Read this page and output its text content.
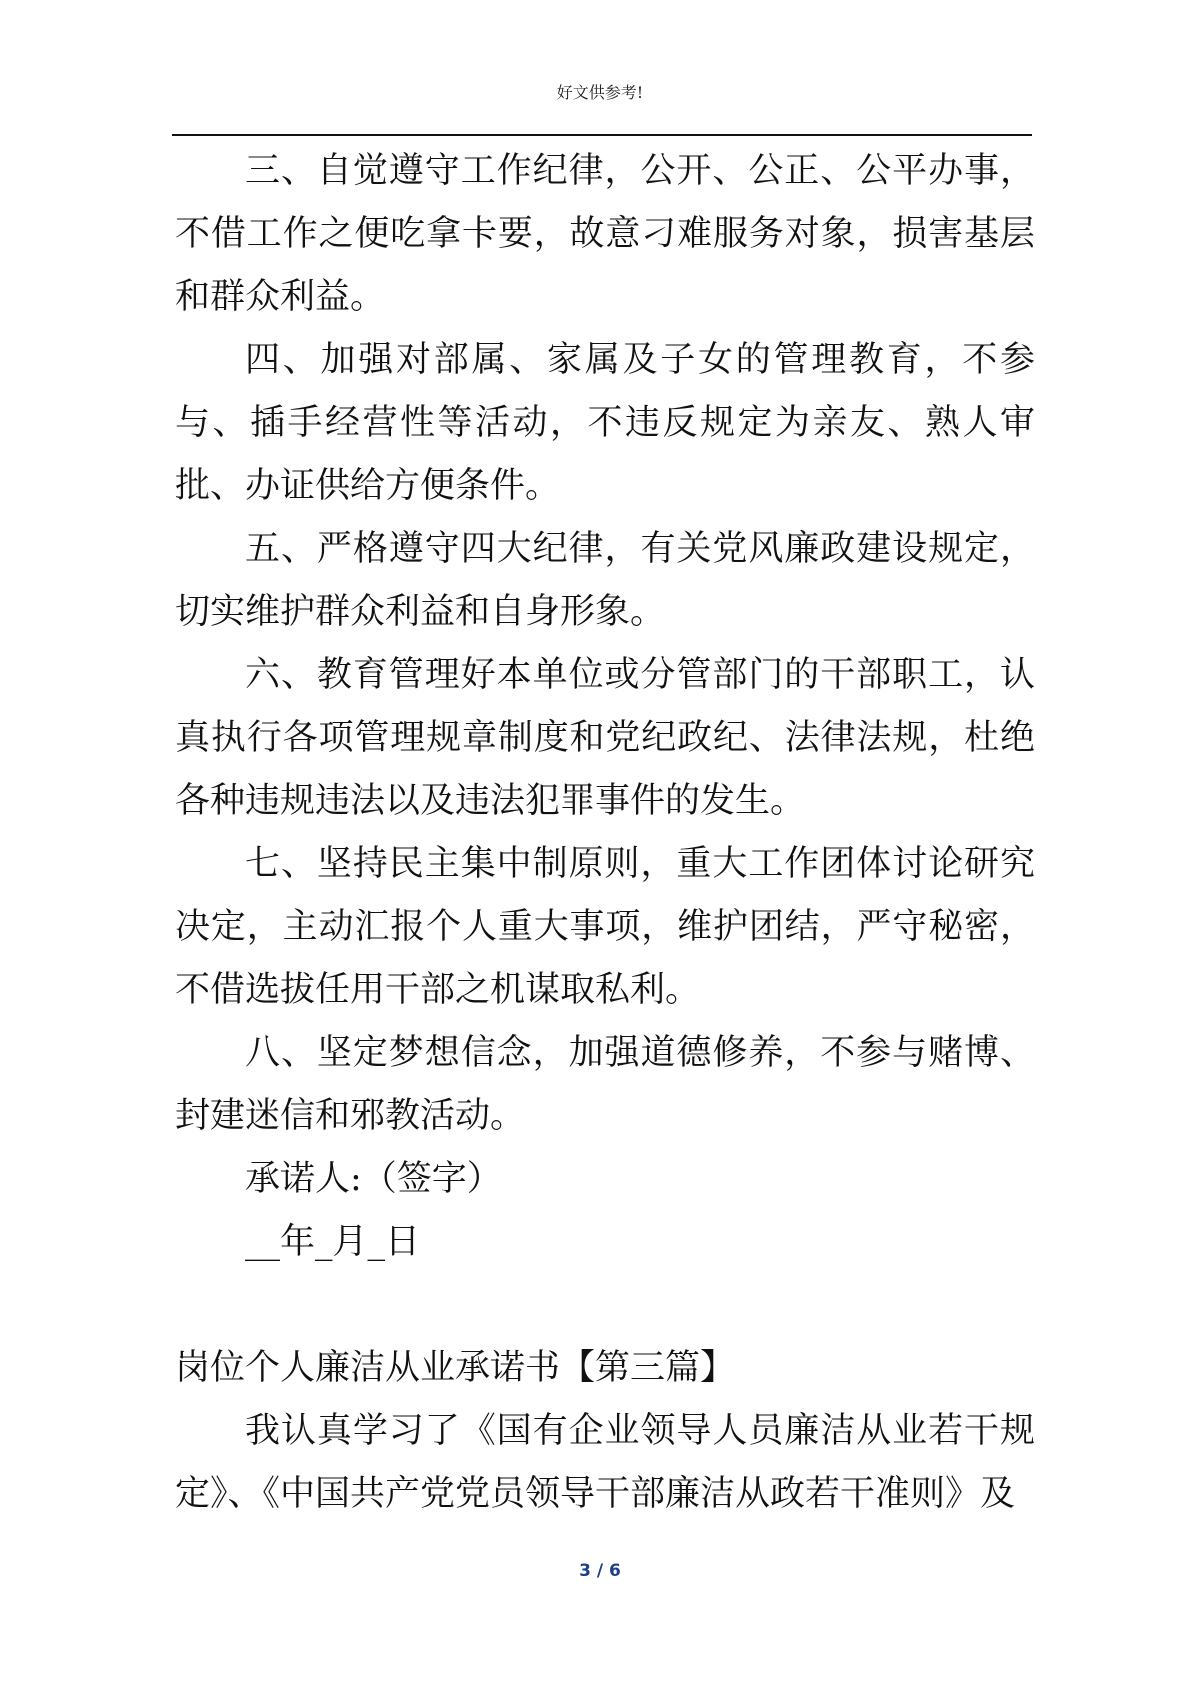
好文供参考!

三、自觉遵守工作纪律，公开、公正、公平办事，不借工作之便吃拿卡要，故意刁难服务对象，损害基层和群众利益。

四、加强对部属、家属及子女的管理教育，不参与、插手经营性等活动，不违反规定为亲友、熟人审批、办证供给方便条件。

五、严格遵守四大纪律，有关党风廉政建设规定，切实维护群众利益和自身形象。

六、教育管理好本单位或分管部门的干部职工，认真执行各项管理规章制度和党纪政纪、法律法规，杜绝各种违规违法以及违法犯罪事件的发生。

七、坚持民主集中制原则，重大工作团体讨论研究决定，主动汇报个人重大事项，维护团结，严守秘密，不借选拔任用干部之机谋取私利。

八、坚定梦想信念，加强道德修养，不参与赌博、封建迷信和邪教活动。

承诺人:（签字）

__年_月_日

岗位个人廉洁从业承诺书【第三篇】

我认真学习了《国有企业领导人员廉洁从业若干规定》、《中国共产党党员领导干部廉洁从政若干准则》及

3 / 6
